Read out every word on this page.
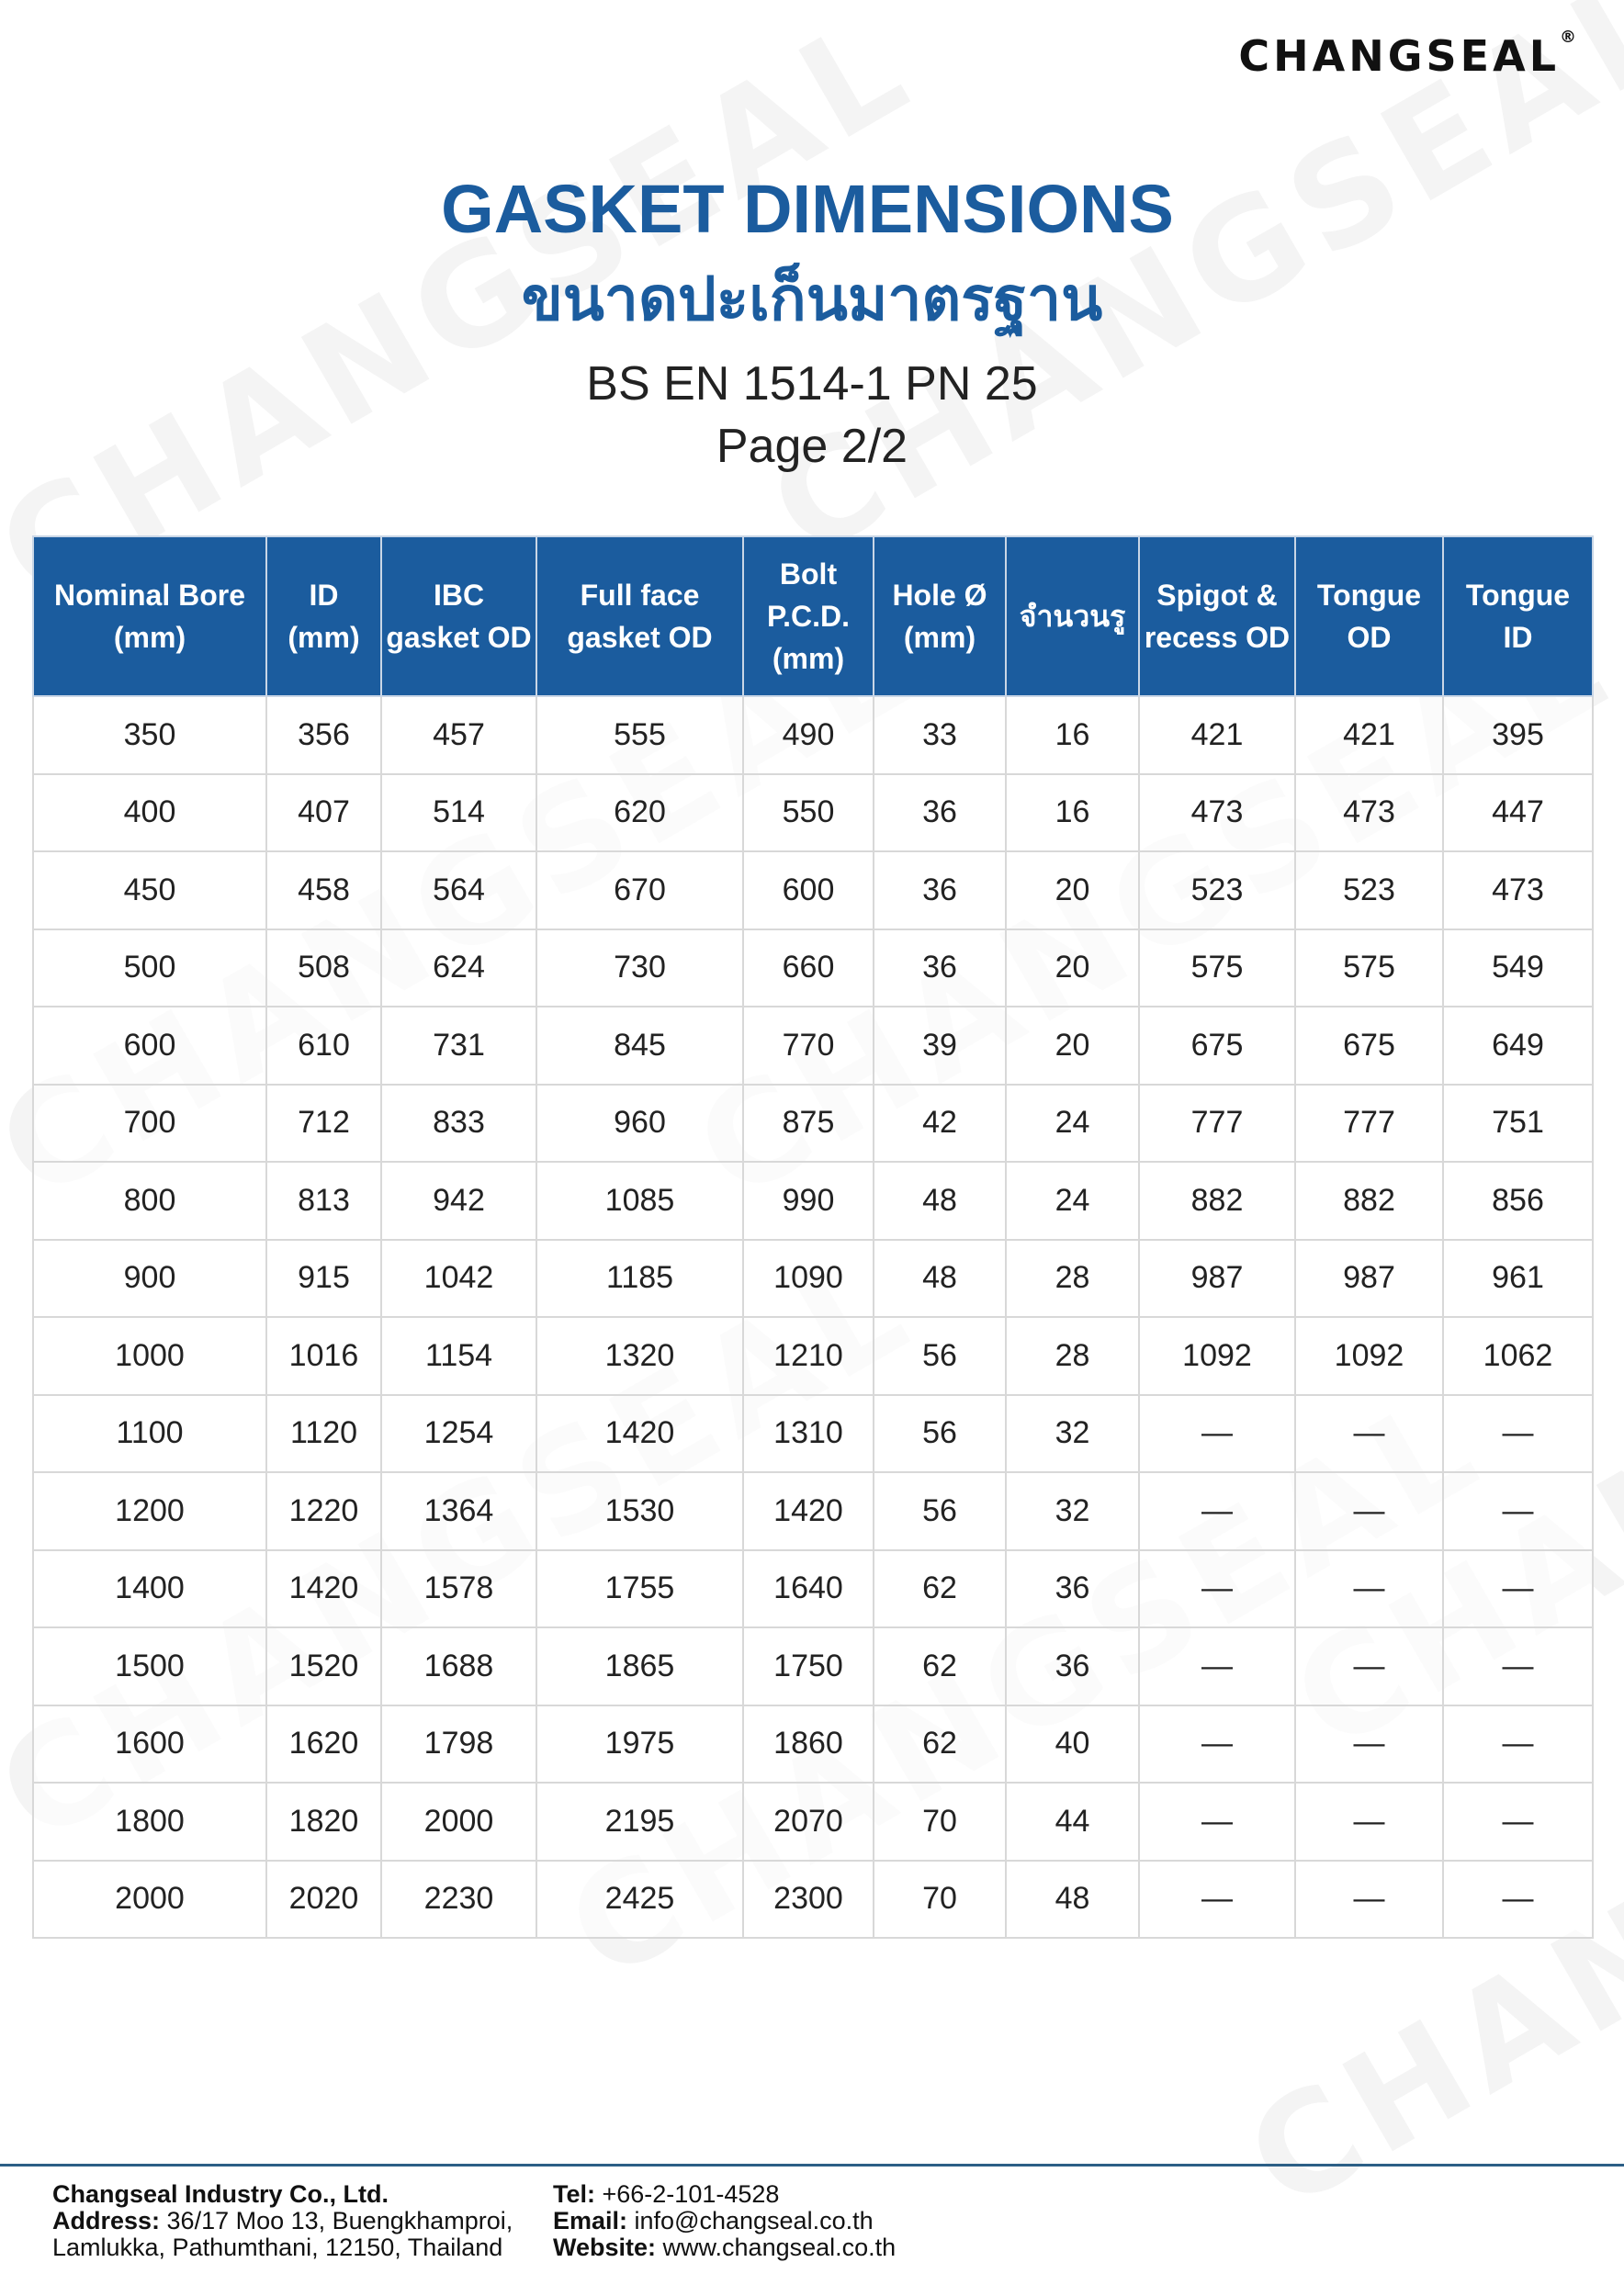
CHANGSEAL®
GASKET DIMENSIONS
ขนาดปะเก็นมาตรฐาน
BS EN 1514-1 PN 25
Page 2/2
Nominal Bore (mm)	ID (mm)	IBC gasket OD	Full face gasket OD	Bolt P.C.D. (mm)	Hole Ø (mm)	จำนวนรู	Spigot & recess OD	Tongue OD	Tongue ID
350	356	457	555	490	33	16	421	421	395
400	407	514	620	550	36	16	473	473	447
450	458	564	670	600	36	20	523	523	473
500	508	624	730	660	36	20	575	575	549
600	610	731	845	770	39	20	675	675	649
700	712	833	960	875	42	24	777	777	751
800	813	942	1085	990	48	24	882	882	856
900	915	1042	1185	1090	48	28	987	987	961
1000	1016	1154	1320	1210	56	28	1092	1092	1062
1100	1120	1254	1420	1310	56	32	—	—	—
1200	1220	1364	1530	1420	56	32	—	—	—
1400	1420	1578	1755	1640	62	36	—	—	—
1500	1520	1688	1865	1750	62	36	—	—	—
1600	1620	1798	1975	1860	62	40	—	—	—
1800	1820	2000	2195	2070	70	44	—	—	—
2000	2020	2230	2425	2300	70	48	—	—	—
Changseal Industry Co., Ltd.
Address: 36/17 Moo 13, Buengkhamproi,
Lamlukka, Pathumthani, 12150, Thailand
Tel: +66-2-101-4528
Email: info@changseal.co.th
Website: www.changseal.co.th
